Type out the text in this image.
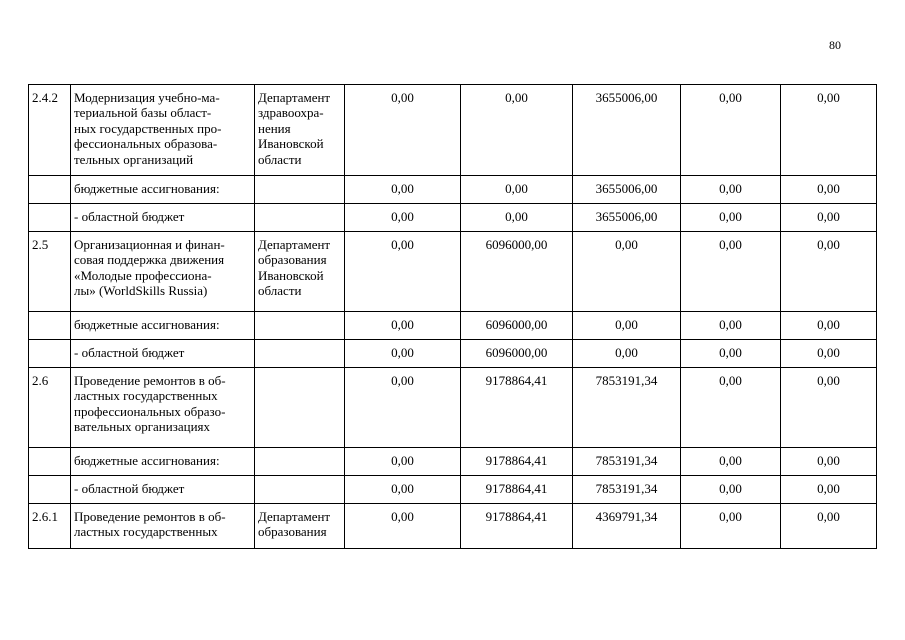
80
2.4.2	Модернизация учебно-ма-
териальной базы област-
ных государственных про-
фессиональных образова-
тельных организаций	Департамент
здравоохра-
нения
Ивановской
области	0,00	0,00	3655006,00	0,00	0,00
	бюджетные ассигнования:		0,00	0,00	3655006,00	0,00	0,00
	- областной бюджет		0,00	0,00	3655006,00	0,00	0,00
2.5	Организационная и финан-
совая поддержка движения
«Молодые профессиона-
лы» (WorldSkills Russia)	Департамент
образования
Ивановской
области	0,00	6096000,00	0,00	0,00	0,00
	бюджетные ассигнования:		0,00	6096000,00	0,00	0,00	0,00
	- областной бюджет		0,00	6096000,00	0,00	0,00	0,00
2.6	Проведение ремонтов в об-
ластных государственных
профессиональных образо-
вательных организациях		0,00	9178864,41	7853191,34	0,00	0,00
	бюджетные ассигнования:		0,00	9178864,41	7853191,34	0,00	0,00
	- областной бюджет		0,00	9178864,41	7853191,34	0,00	0,00
2.6.1	Проведение ремонтов в об-
ластных государственных	Департамент
образования	0,00	9178864,41	4369791,34	0,00	0,00
